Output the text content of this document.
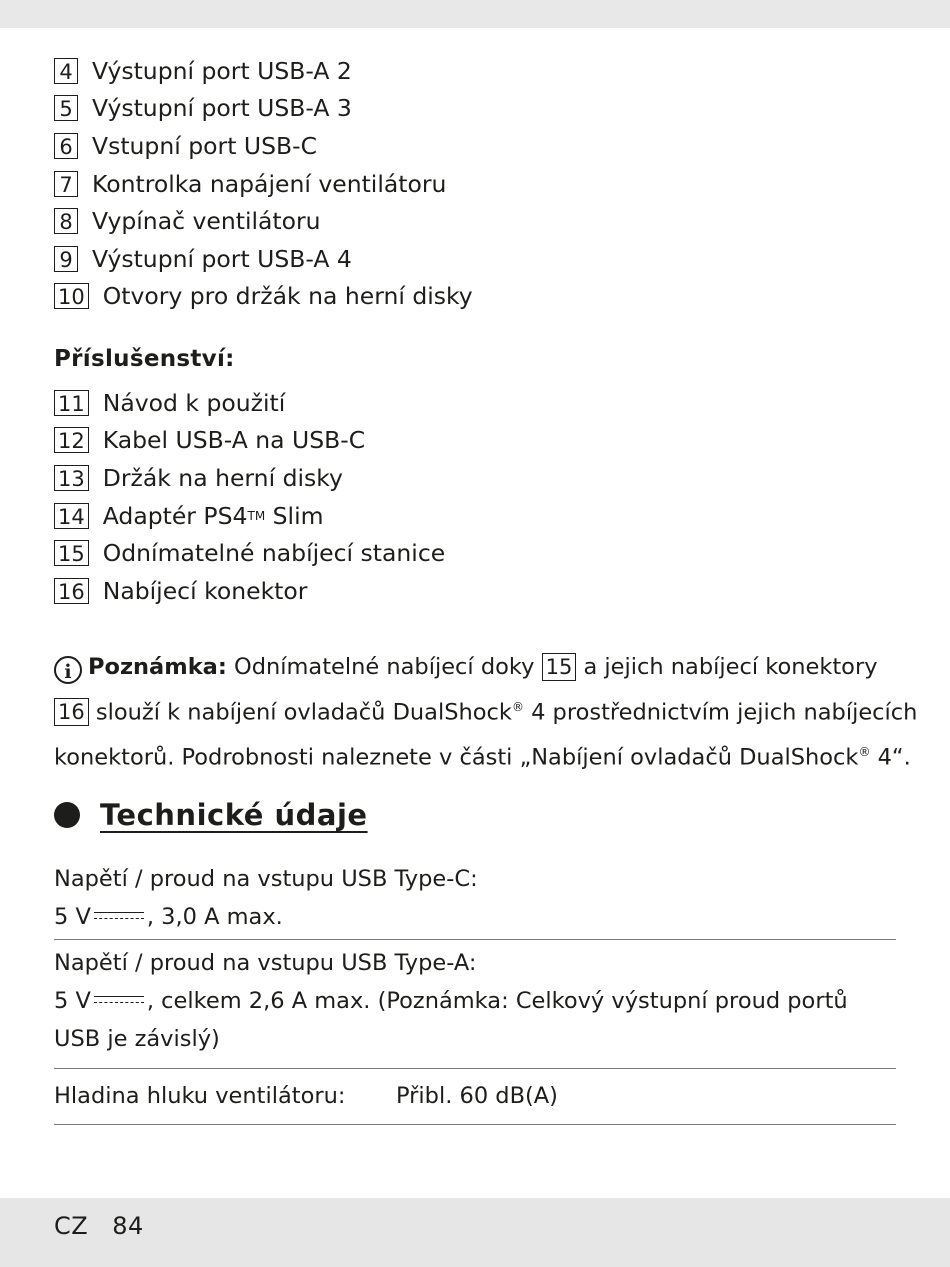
4 Výstupní port USB-A 2
5 Výstupní port USB-A 3
6 Vstupní port USB-C
7 Kontrolka napájení ventilátoru
8 Vypínač ventilátoru
9 Výstupní port USB-A 4
10 Otvory pro držák na herní disky
Příslušenství:
11 Návod k použití
12 Kabel USB-A na USB-C
13 Držák na herní disky
14 Adaptér PS4 TM Slim
15 Odnímatelné nabíjecí stanice
16 Nabíjecí konektor
i Poznámka: Odnímatelné nabíjecí doky 15 a jejich nabíjecí konektory
16 slouží k nabíjení ovladačů DualShock® 4 prostřednictvím jejich nabíjecích
konektorů. Podrobnosti naleznete v části „Nabíjení ovladačů DualShock® 4“.
Technické údaje
Napětí / proud na vstupu USB Type-C:
5 V , 3,0 A max.
Napětí / proud na vstupu USB Type-A:
5 V , celkem 2,6 A max. (Poznámka: Celkový výstupní proud portů
USB je závislý)
Hladina hluku ventilátoru:	Přibl. 60 dB(A)
CZ 84
